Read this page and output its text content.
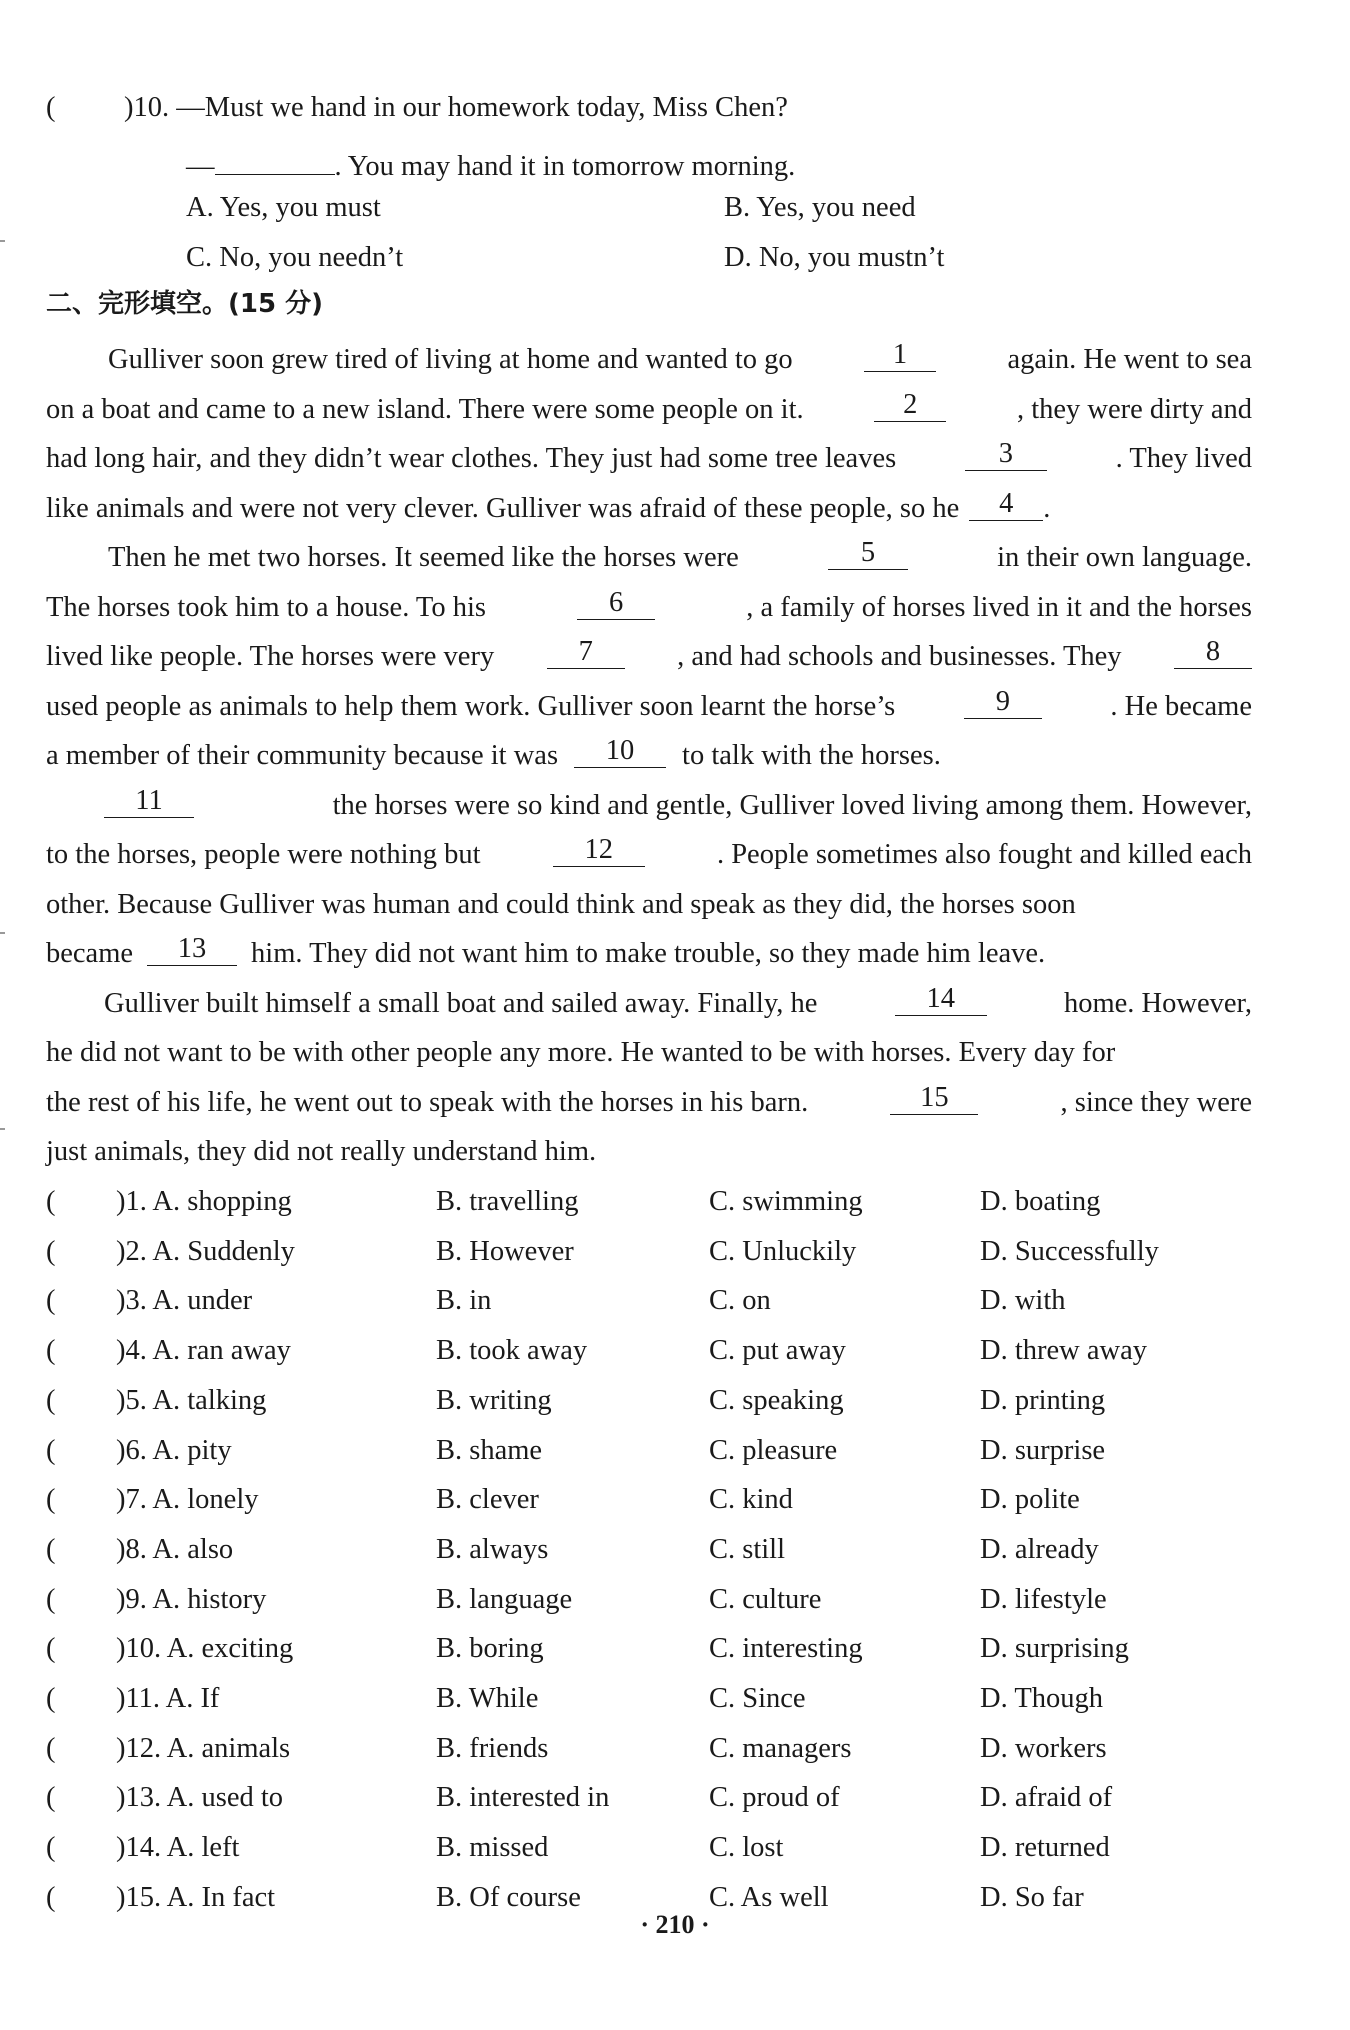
( )10. —Must we hand in our homework today, Miss Chen?
—	. You may hand it in tomorrow morning.
A. Yes, you must	B. Yes, you need
C. No, you needn’t	D. No, you mustn’t
二、完形填空。(15 分)
Gulliver soon grew tired of living at home and wanted to go	1	again. He went to sea
on a boat and came to a new island. There were some people on it.	2	, they were dirty and
had long hair, and they didn’t wear clothes. They just had some tree leaves	3	. They lived
like animals and were not very clever. Gulliver was afraid of these people, so he	4	.
Then he met two horses. It seemed like the horses were	5	in their own language.
The horses took him to a house. To his	6	, a family of horses lived in it and the horses
lived like people. The horses were very	7	, and had schools and businesses. They	8
used people as animals to help them work. Gulliver soon learnt the horse’s	9	. He became
a member of their community because it was	10	to talk with the horses.
11	the horses were so kind and gentle, Gulliver loved living among them. However,
to the horses, people were nothing but	12	. People sometimes also fought and killed each
other. Because Gulliver was human and could think and speak as they did, the horses soon
became	13	him. They did not want him to make trouble, so they made him leave.
Gulliver built himself a small boat and sailed away. Finally, he	14	home. However,
he did not want to be with other people any more. He wanted to be with horses. Every day for
the rest of his life, he went out to speak with the horses in his barn.	15	, since they were
just animals, they did not really understand him.
( )1. A. shopping	B. travelling	C. swimming	D. boating
( )2. A. Suddenly	B. However	C. Unluckily	D. Successfully
( )3. A. under	B. in	C. on	D. with
( )4. A. ran away	B. took away	C. put away	D. threw away
( )5. A. talking	B. writing	C. speaking	D. printing
( )6. A. pity	B. shame	C. pleasure	D. surprise
( )7. A. lonely	B. clever	C. kind	D. polite
( )8. A. also	B. always	C. still	D. already
( )9. A. history	B. language	C. culture	D. lifestyle
( )10. A. exciting	B. boring	C. interesting	D. surprising
( )11. A. If	B. While	C. Since	D. Though
( )12. A. animals	B. friends	C. managers	D. workers
( )13. A. used to	B. interested in	C. proud of	D. afraid of
( )14. A. left	B. missed	C. lost	D. returned
( )15. A. In fact	B. Of course	C. As well	D. So far
· 210 ·
